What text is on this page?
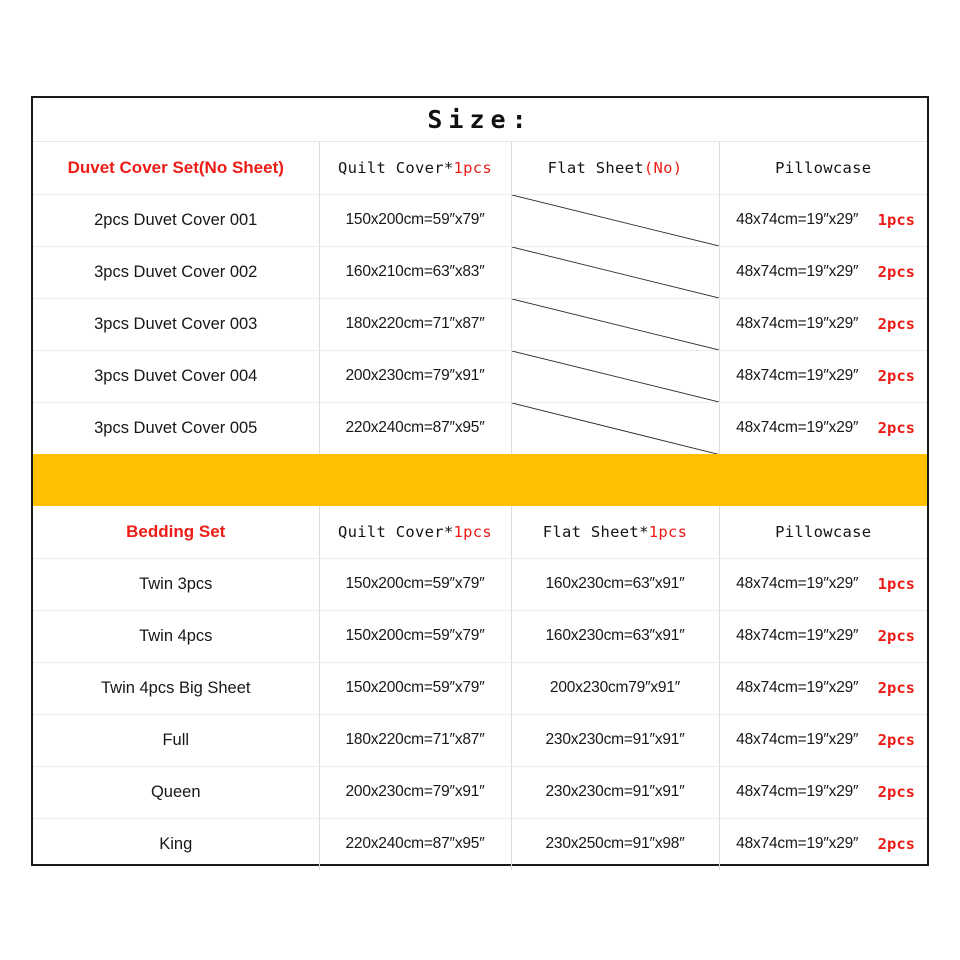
Size:
Duvet Cover Set(No Sheet)	Quilt Cover*1pcs	Flat Sheet(No)	Pillowcase
2pcs Duvet Cover 001	150x200cm=59″x79″		48x74cm=19″x29″ 1pcs

3pcs Duvet Cover 002	160x210cm=63″x83″		48x74cm=19″x29″ 2pcs

3pcs Duvet Cover 003	180x220cm=71″x87″		48x74cm=19″x29″ 2pcs

3pcs Duvet Cover 004	200x230cm=79″x91″		48x74cm=19″x29″ 2pcs

3pcs Duvet Cover 005	220x240cm=87″x95″		48x74cm=19″x29″ 2pcs
Bedding Set	Quilt Cover*1pcs	Flat Sheet*1pcs	Pillowcase
Twin 3pcs	150x200cm=59″x79″	160x230cm=63″x91″	48x74cm=19″x29″ 1pcs

Twin 4pcs	150x200cm=59″x79″	160x230cm=63″x91″	48x74cm=19″x29″ 2pcs

Twin 4pcs Big Sheet	150x200cm=59″x79″	200x230cm79″x91″	48x74cm=19″x29″ 2pcs

Full	180x220cm=71″x87″	230x230cm=91″x91″	48x74cm=19″x29″ 2pcs

Queen	200x230cm=79″x91″	230x230cm=91″x91″	48x74cm=19″x29″ 2pcs

King	220x240cm=87″x95″	230x250cm=91″x98″	48x74cm=19″x29″ 2pcs
